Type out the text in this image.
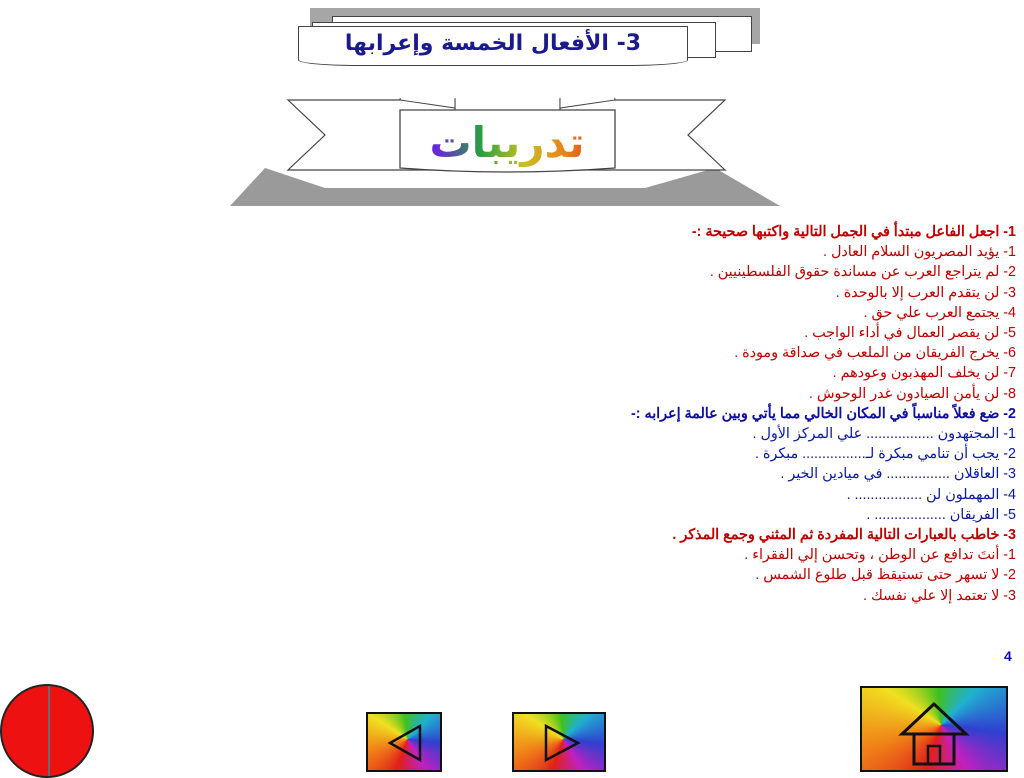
3- الأفعال الخمسة وإعرابها
تدريبات
1- اجعل الفاعل مبتدأ في الجمل التالية واكتبها صحيحة :-
1- يؤيد المصريون السلام العادل .
2- لم يتراجع العرب عن مساندة حقوق الفلسطينيين .
3- لن يتقدم العرب إلا بالوحدة .
4- يجتمع العرب علي حق .
5- لن يقصر العمال في أداء الواجب .
6- يخرج الفريقان من الملعب في صداقة ومودة .
7- لن يخلف المهذبون وعودهم .
8- لن يأمن الصيادون غدر الوحوش .
2- ضع فعلاً مناسباً في المكان الخالي مما يأتي وبين عالمة إعرابه :-
1- المجتهدون ................. علي المركز الأول .
2- يجب أن تنامي مبكرة لـ................ مبكرة .
3- العاقلان ................ في ميادين الخير .
4- المهملون لن ................. .
5- الفريقان .................. .
3- خاطب بالعبارات التالية المفردة ثم المثني وجمع المذكر .
1- أنتَ تدافع عن الوطن ، وتحسن إلي الفقراء .
2- لا تسهر حتى تستيقظ قبل طلوع الشمس .
3- لا تعتمد إلا علي نفسك .
4
